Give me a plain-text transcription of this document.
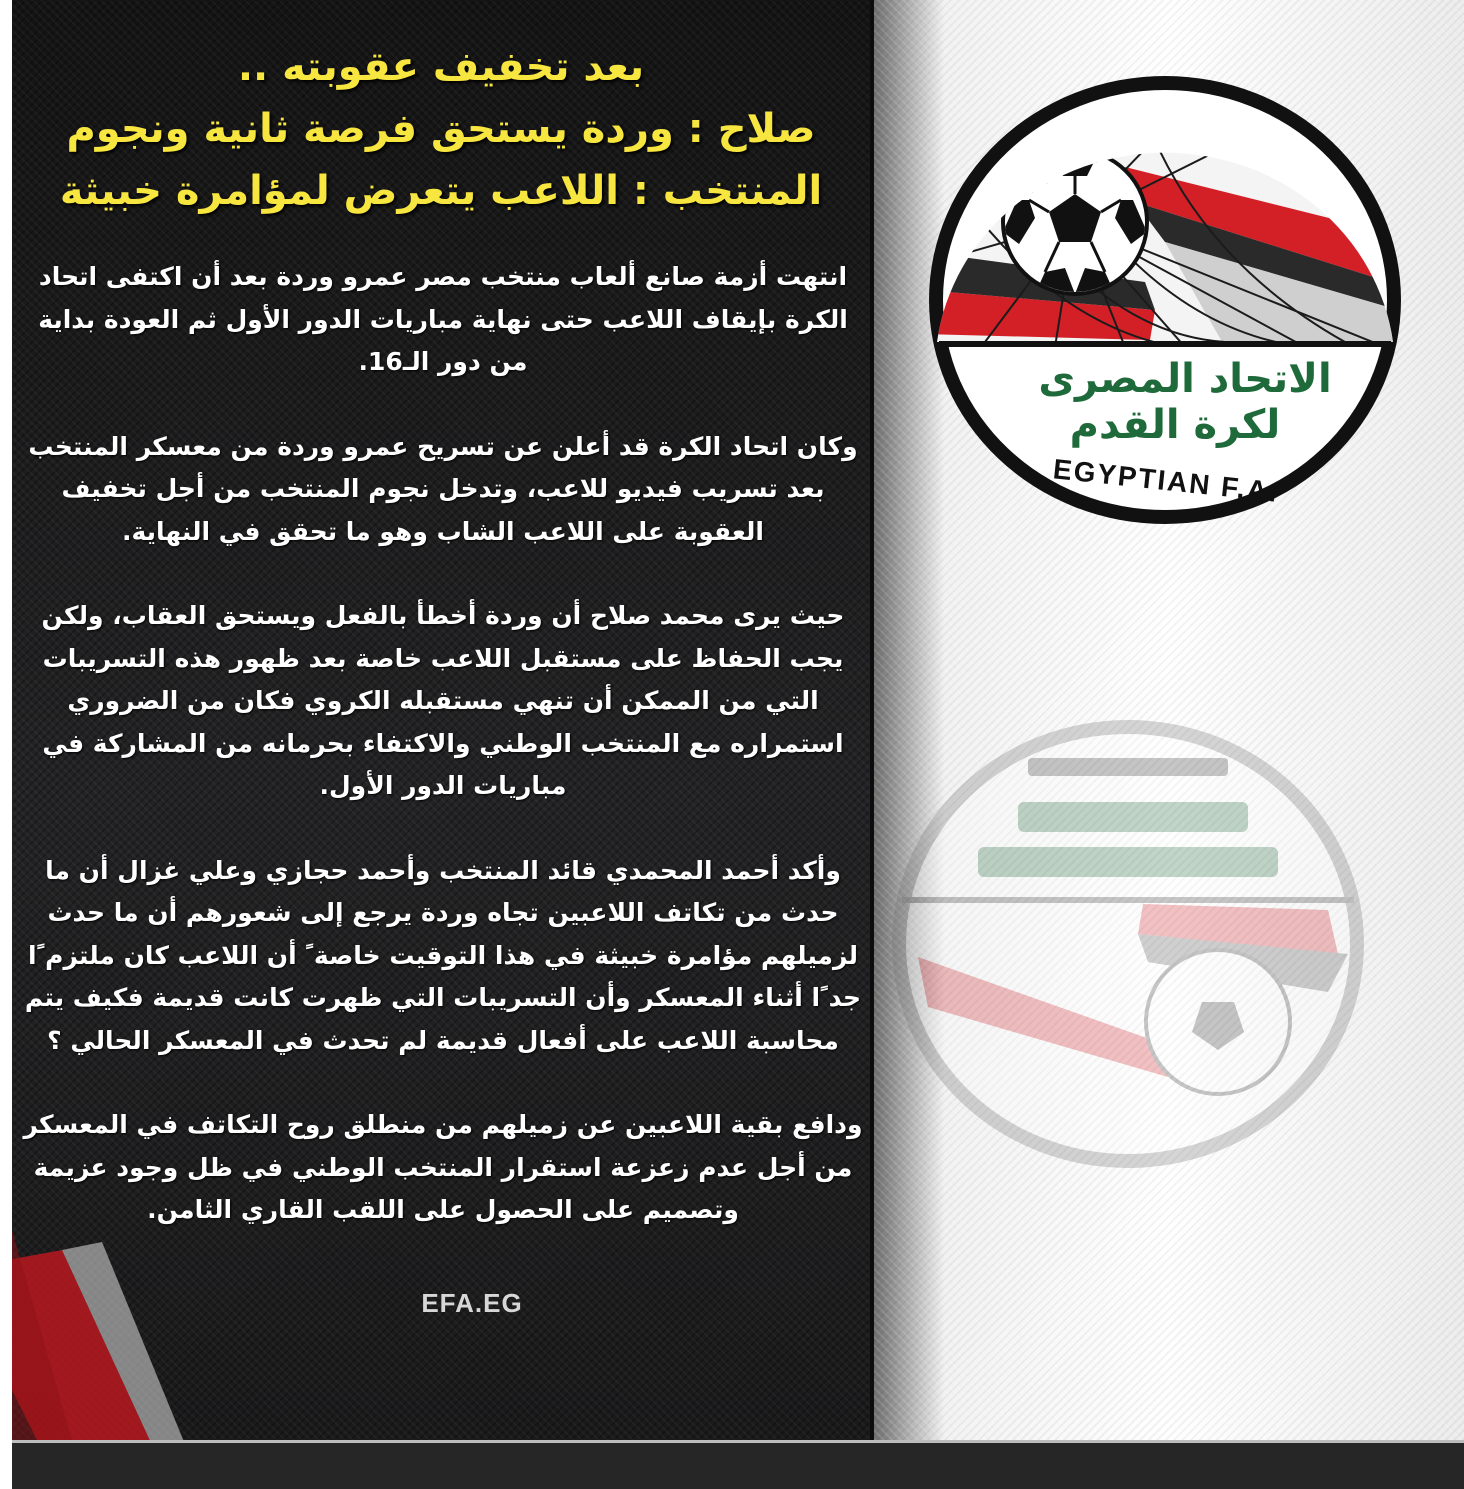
بعد تخفيف عقوبته ..
صلاح : وردة يستحق فرصة ثانية ونجوم
المنتخب : اللاعب يتعرض لمؤامرة خبيثة

انتهت أزمة صانع ألعاب منتخب مصر عمرو وردة بعد أن اكتفى اتحاد الكرة بإيقاف اللاعب حتى نهاية مباريات الدور الأول ثم العودة بداية من دور الـ16.

وكان اتحاد الكرة قد أعلن عن تسريح عمرو وردة من معسكر المنتخب بعد تسريب فيديو للاعب، وتدخل نجوم المنتخب من أجل تخفيف العقوبة على اللاعب الشاب وهو ما تحقق في النهاية.

حيث يرى محمد صلاح أن وردة أخطأ بالفعل ويستحق العقاب، ولكن يجب الحفاظ على مستقبل اللاعب خاصة بعد ظهور هذه التسريبات التي من الممكن أن تنهي مستقبله الكروي فكان من الضروري استمراره مع المنتخب الوطني والاكتفاء بحرمانه من المشاركة في مباريات الدور الأول.

وأكد أحمد المحمدي قائد المنتخب وأحمد حجازي وعلي غزال أن ما حدث من تكاتف اللاعبين تجاه وردة يرجع إلى شعورهم أن ما حدث لزميلهم مؤامرة خبيثة في هذا التوقيت خاصة ً أن اللاعب كان ملتزم ًا جد ًا أثناء المعسكر وأن التسريبات التي ظهرت كانت قديمة فكيف يتم محاسبة اللاعب على أفعال قديمة لم تحدث في المعسكر الحالي ؟

ودافع بقية اللاعبين عن زميلهم من منطلق روح التكاتف في المعسكر من أجل عدم زعزعة استقرار المنتخب الوطني في ظل وجود عزيمة وتصميم على الحصول على اللقب القاري الثامن.

EFA.EG
الاتحاد المصرى
لكرة القدم
EGYPTIAN F.A.
